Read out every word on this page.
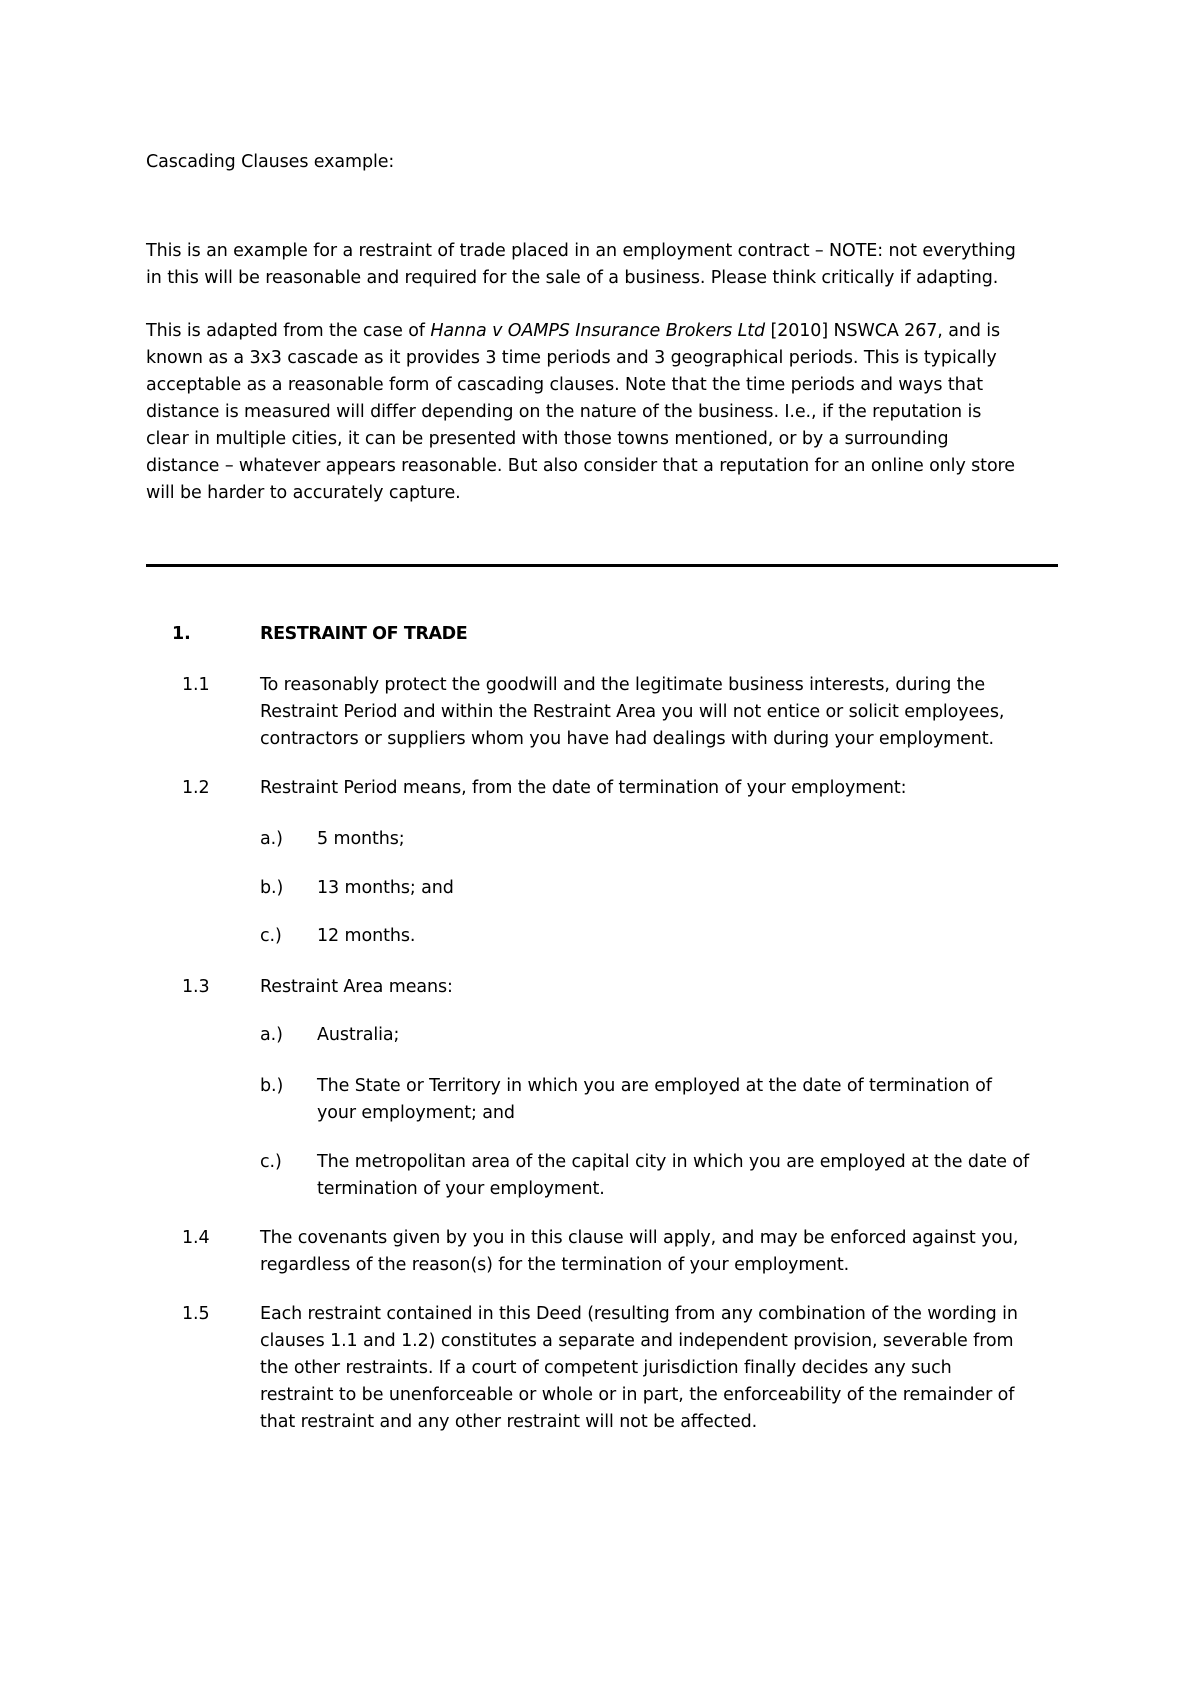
Cascading Clauses example:

This is an example for a restraint of trade placed in an employment contract – NOTE: not everything
in this will be reasonable and required for the sale of a business. Please think critically if adapting.

This is adapted from the case of Hanna v OAMPS Insurance Brokers Ltd [2010] NSWCA 267, and is
known as a 3x3 cascade as it provides 3 time periods and 3 geographical periods. This is typically
acceptable as a reasonable form of cascading clauses. Note that the time periods and ways that
distance is measured will differ depending on the nature of the business. I.e., if the reputation is
clear in multiple cities, it can be presented with those towns mentioned, or by a surrounding
distance – whatever appears reasonable. But also consider that a reputation for an online only store
will be harder to accurately capture.

1.	RESTRAINT OF TRADE

1.1	To reasonably protect the goodwill and the legitimate business interests, during the
Restraint Period and within the Restraint Area you will not entice or solicit employees,
contractors or suppliers whom you have had dealings with during your employment.

1.2	Restraint Period means, from the date of termination of your employment:

a.) 5 months;

b.) 13 months; and

c.) 12 months.

1.3	Restraint Area means:

a.) Australia;

b.) The State or Territory in which you are employed at the date of termination of
your employment; and

c.) The metropolitan area of the capital city in which you are employed at the date of
termination of your employment.

1.4	The covenants given by you in this clause will apply, and may be enforced against you,
regardless of the reason(s) for the termination of your employment.

1.5	Each restraint contained in this Deed (resulting from any combination of the wording in
clauses 1.1 and 1.2) constitutes a separate and independent provision, severable from
the other restraints. If a court of competent jurisdiction finally decides any such
restraint to be unenforceable or whole or in part, the enforceability of the remainder of
that restraint and any other restraint will not be affected.
